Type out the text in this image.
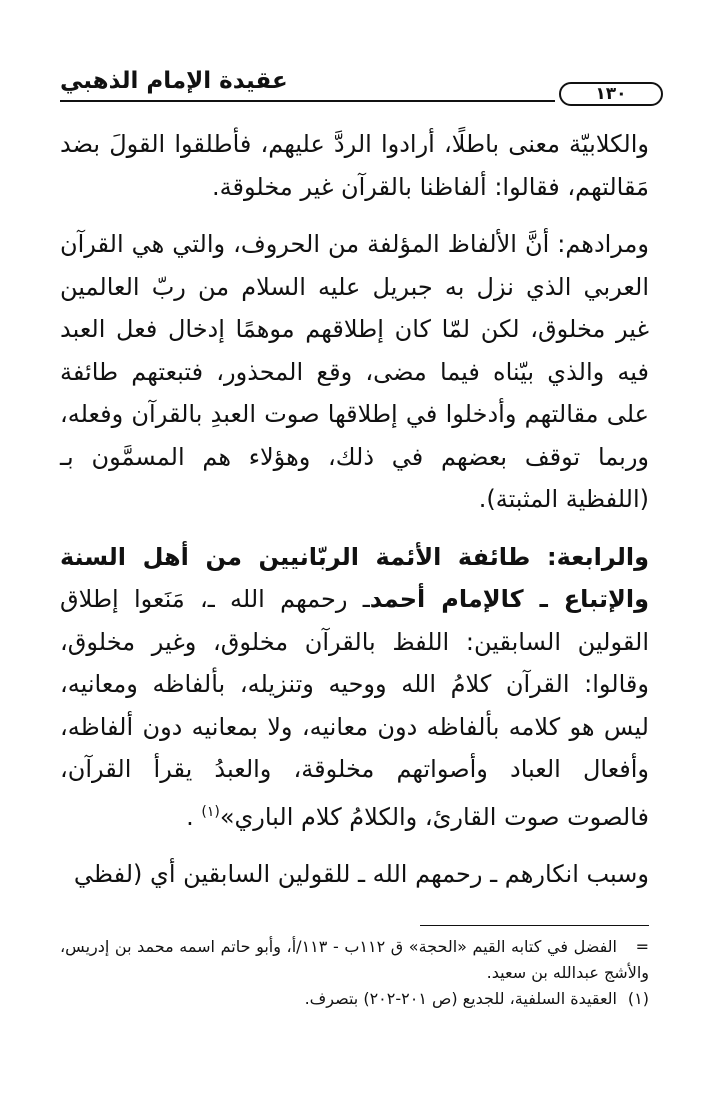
عقيدة الإمام الذهبي	١٣٠

والكلابيّة معنى باطلًا، أرادوا الردَّ عليهم، فأطلقوا القولَ بضد مَقالتهم، فقالوا: ألفاظنا بالقرآن غير مخلوقة.

ومرادهم: أنَّ الألفاظ المؤلفة من الحروف، والتي هي القرآن العربي الذي نزل به جبريل عليه السلام من ربّ العالمين غير مخلوق، لكن لمّا كان إطلاقهم موهمًا إدخال فعل العبد فيه والذي بيّناه فيما مضى، وقع المحذور، فتبعتهم طائفة على مقالتهم وأدخلوا في إطلاقها صوت العبدِ بالقرآن وفعله، وربما توقف بعضهم في ذلك، وهؤلاء هم المسمَّون بـ (اللفظية المثبتة).

والرابعة: طائفة الأئمة الربّانيين من أهل السنة والإتباع ـ كالإمام أحمدـ رحمهم الله ـ، مَنَعوا إطلاق القولين السابقين: اللفظ بالقرآن مخلوق، وغير مخلوق، وقالوا: القرآن كلامُ الله ووحيه وتنزيله، بألفاظه ومعانيه، ليس هو كلامه بألفاظه دون معانيه، ولا بمعانيه دون ألفاظه، وأفعال العباد وأصواتهم مخلوقة، والعبدُ يقرأ القرآن، فالصوت صوت القارئ، والكلامُ كلام الباري»$^{(١)}$ .

وسبب انكارهم ـ رحمهم الله ـ للقولين السابقين أي (لفظي

=الفضل في كتابه القيم «الحجة» ق ١١٢ب - ١١٣/أ، وأبو حاتم اسمه محمد بن إدريس، والأشج عبدالله بن سعيد.

(١)العقيدة السلفية، للجديع (ص ٢٠١-٢٠٢) بتصرف.
